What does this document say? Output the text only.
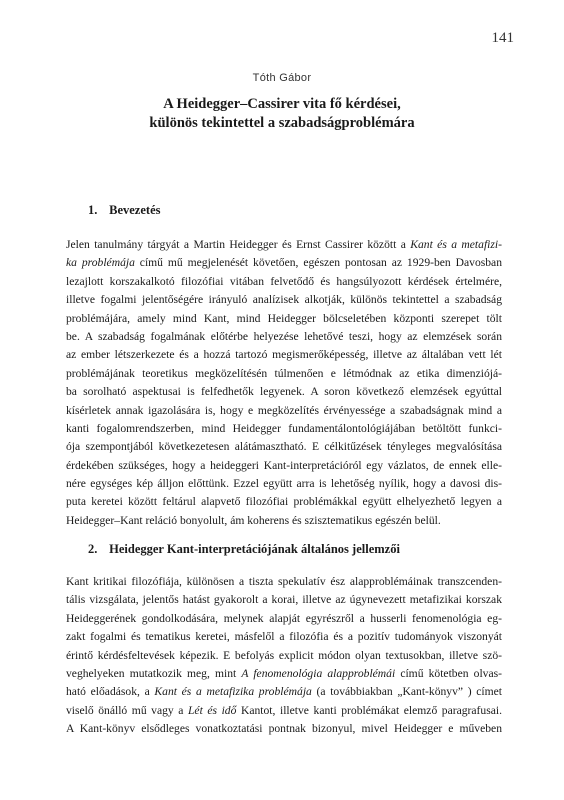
141
Tóth Gábor
A Heidegger–Cassirer vita fő kérdései,
különös tekintettel a szabadságproblémára
1. Bevezetés
Jelen tanulmány tárgyát a Martin Heidegger és Ernst Cassirer között a Kant és a metafizi-
ka problémája című mű megjelenését követően, egészen pontosan az 1929-ben Davosban
lezajlott korszakalkotó filozófiai vitában felvetődő és hangsúlyozott kérdések értelmére,
illetve fogalmi jelentőségére irányuló analízisek alkotják, különös tekintettel a szabadság
problémájára, amely mind Kant, mind Heidegger bölcseletében központi szerepet tölt
be. A szabadság fogalmának előtérbe helyezése lehetővé teszi, hogy az elemzések során
az ember létszerkezete és a hozzá tartozó megismerőképesség, illetve az általában vett lét
problémájának teoretikus megközelítésén túlmenően e létmódnak az etika dimenziójá-
ba sorolható aspektusai is felfedhetők legyenek. A soron következő elemzések egyúttal
kísérletek annak igazolására is, hogy e megközelítés érvényessége a szabadságnak mind a
kanti fogalomrendszerben, mind Heidegger fundamentálontológiájában betöltött funkci-
ója szempontjából következetesen alátámasztható. E célkitűzések tényleges megvalósítása
érdekében szükséges, hogy a heideggeri Kant-interpretációról egy vázlatos, de ennek elle-
nére egységes kép álljon előttünk. Ezzel együtt arra is lehetőség nyílik, hogy a davosi dis-
puta keretei között feltárul alapvető filozófiai problémákkal együtt elhelyezhető legyen a
Heidegger–Kant reláció bonyolult, ám koherens és szisztematikus egészén belül.
2. Heidegger Kant-interpretációjának általános jellemzői
Kant kritikai filozófiája, különösen a tiszta spekulatív ész alapproblémáinak transzcenden-
tális vizsgálata, jelentős hatást gyakorolt a korai, illetve az úgynevezett metafizikai korszak
Heideggerének gondolkodására, melynek alapját egyrészről a husserli fenomenológia eg-
zakt fogalmi és tematikus keretei, másfelől a filozófia és a pozitív tudományok viszonyát
érintő kérdésfeltevések képezik. E befolyás explicit módon olyan textusokban, illetve szö-
veghelyeken mutatkozik meg, mint A fenomenológia alapproblémái című kötetben olvas-
ható előadások, a Kant és a metafizika problémája (a továbbiakban „Kant-könyv” ) címet
viselő önálló mű vagy a Lét és idő Kantot, illetve kanti problémákat elemző paragrafusai.
A Kant-könyv elsődleges vonatkoztatási pontnak bizonyul, mivel Heidegger e műveben
